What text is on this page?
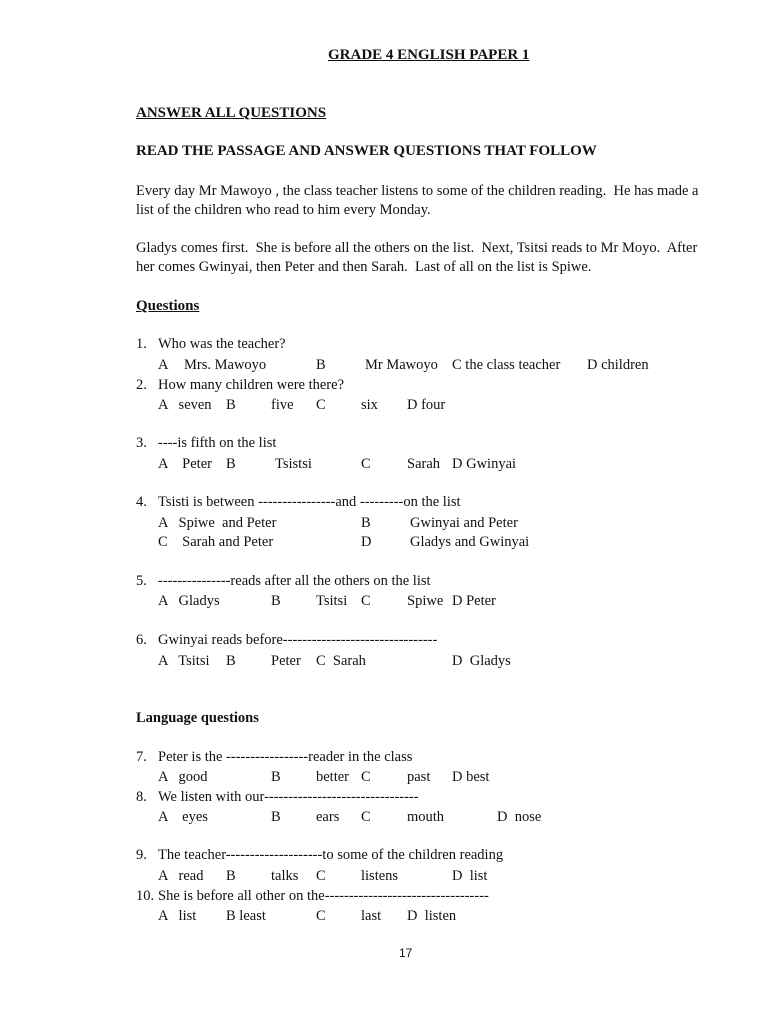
GRADE 4 ENGLISH PAPER 1
ANSWER ALL QUESTIONS
READ THE PASSAGE AND ANSWER QUESTIONS THAT FOLLOW
Every day Mr Mawoyo , the class teacher listens to some of the children reading.  He has made a
list of the children who read to him every Monday.
Gladys comes first.  She is before all the others on the list.  Next, Tsitsi reads to Mr Moyo.  After
her comes Gwinyai, then Peter and then Sarah.  Last of all on the list is Spiwe.
Questions
1. Who was the teacher?
A Mrs. Mawoyo	B	Mr Mawoyo C the class teacher D children
2. How many children were there?
A   seven B five C six D four
3. ----is fifth on the list
A    Peter B	Tsistsi	C	Sarah D Gwinyai
4. Tsisti is between ----------------and ---------on the list
A   Spiwe  and Peter	B	Gwinyai and Peter
C    Sarah and Peter	D	Gladys and Gwinyai
5. ---------------reads after all the others on the list
A   Gladys	B Tsitsi C	Spiwe D Peter
6. Gwinyai reads before--------------------------------
A   Tsitsi B Peter C  Sarah	D  Gladys
Language questions
7. Peter is the -----------------reader in the class
A   good	B better C	past D best
8. We listen with our--------------------------------
A    eyes	B ears C	mouth	D  nose
9. The teacher--------------------to some of the children reading
A   read B talks C listens	D  list
10. She is before all other on the----------------------------------
A   list B least	C last D  listen
17
